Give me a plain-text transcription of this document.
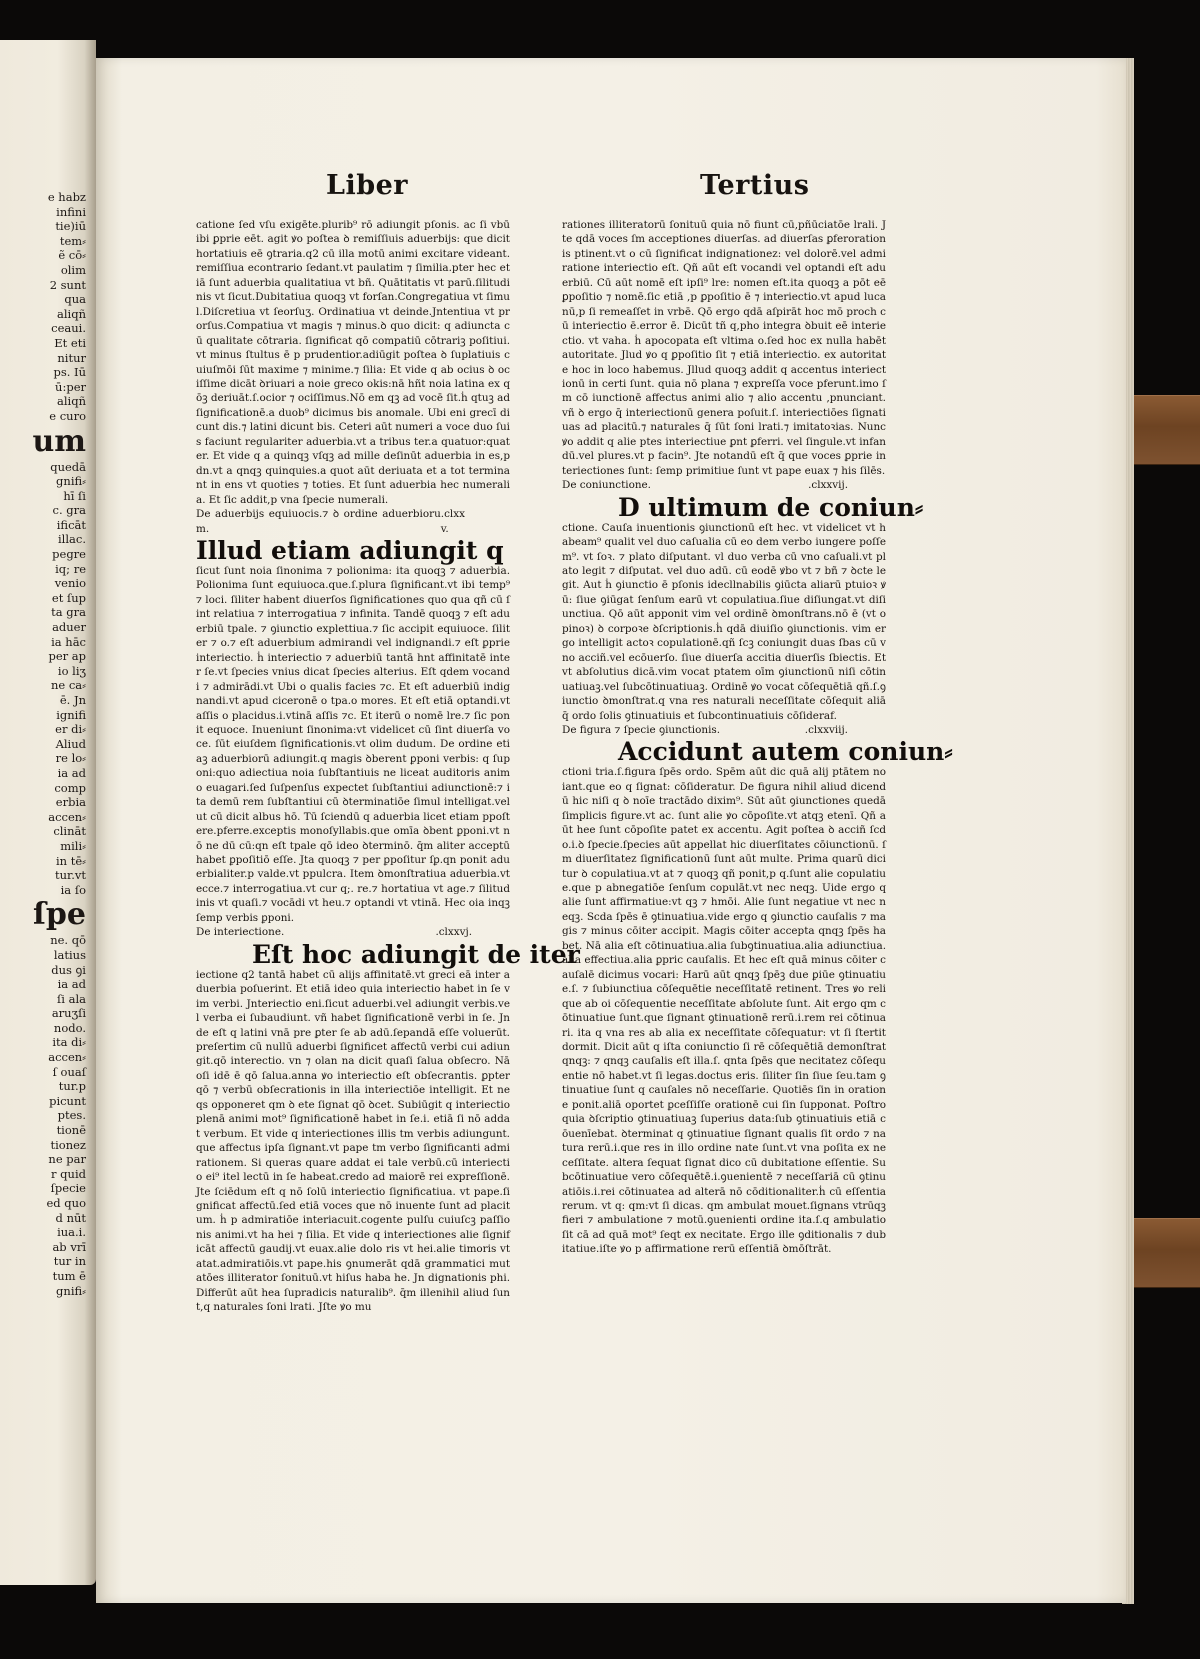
e habz
infini
tie)iū
tem⸗
ẽ cō⸗
olim
2 sunt
qua
aliqñ
ceaui.
Et eti
nitur
ps. Iū
ū:per
aliqñ
e curo
um
quedā
gnifi⸗
hī ſi
c. gra
ificāt
illac.
pegre
iq; re
venio
et ſup
ta gra
aduer
ia hāc
per ap
io liʒ
ne ca⸗
ē. Jn
ignifi
er di⸗
Aliud
re lo⸗
ia ad
comp
erbia
accen⸗
clināt
mili⸗
in tē⸗
tur.vt
ia ſo
ſpe
ne. qō
latius
dus ꝯi
ia ad
ſi ala
aruʒſi
nodo.
ita di⸗
accen⸗
ſ ouaſ
tur.p
picunt
ptes.
tionē
tionez
ne par
r quid
ſpecie
ed quo
d nūt
iua.i.
ab vrī
tur in
tum ē
gnifi⸗
Liber	Tertius

catione ſed vſu exigēte.plurib⁹ rō adiungit pſonis. ac ſi vbū ibi ꝑprie eēt. agit ꝟo poſtea ꝺ remiſſiuis aduerbijs: que dicit hortatiuis eē ꝯtraria.q2 cū illa motū animi excitare videant.remiſſiua econtrario ſedant.vt paulatim ⁊ ſimilia.pter hec etiā ſunt aduerbia qualitatiua vt bñ. Quātitatis vt parū.ſilitudinis vt ſicut.Dubitatiua quoqꝫ vt forſan.Congregatiua vt ſimul.Diſcretiua vt ſeorſuʒ. Ordinatiua vt deinde.Jntentiua vt prorſus.Compatiua vt magis ⁊ minus.ꝺ quo dicit: q adiuncta cū qualitate cōtraria. ſignificat qō compatiū cōtrariꝫ poſitiui.vt minus ſtultus ē p prudentior.adiūgit poſtea ꝺ ſuplatiuis cuiuſmōi ſūt maxime ⁊ minime.⁊ ſilia: Et vide q ab ocius ꝺ ociſſime dicāt ꝺriuari a noie greco okis:nā hñt noia latina ex qōꝫ deriuāt.ſ.ocior ⁊ ociſſimus.Nō em qꝫ ad vocē ſit.ḣ qtuꝫ ad ſignificationē.a duob⁹ dicimus bis anomale. Ubi eni grecī dicunt dis.⁊ latini dicunt bis. Ceteri aūt numeri a voce duo ſuis faciunt regulariter aduerbia.vt a tribus ter.a quatuor:quater. Et vide q a quinqꝫ vſqꝫ ad mille deſinūt aduerbia in es,pdn.vt a qnqꝫ quinquies.a quot aūt deriuata et a tot terminant in ens vt quoties ⁊ toties. Et ſunt aduerbia hec numeralia. Et ſic addit,p vna ſpecie numerali.

De aduerbijs equiuocis.⁊ ꝺ ordine aduerbiorum.
.clxxv.
Illud etiam adiungit q

ſicut ſunt noia ſinonima ⁊ polionima: ita quoqꝫ ⁊ aduerbia. Polionima ſunt equiuoca.que.ſ.plura ſignificant.vt ibi temp⁹ ⁊ loci. ſiliter habent diuerſos ſignificationes quo qua qñ cū ſint relatiua ⁊ interrogatiua ⁊ infinita. Tandē quoqꝫ ⁊ eſt aduerbiū tpale. ⁊ ꝯiunctio explettiua.⁊ ſic accipit equiuoce. ſiliter ⁊ o.⁊ eſt aduerbium admirandi vel indignandi.⁊ eſt ꝑprie interiectio. ḣ interiectio ⁊ aduerbiū tantā hnt affinitatē inter ſe.vt ſpecies vnius dicat ſpecies alterius. Eſt qdem vocandi ⁊ admirādi.vt Ubi o qualis facies ⁊c. Et eſt aduerbiū indignandi.vt apud ciceronē o tpa.o mores. Et eſt etiā optandi.vt aſſis o placidus.i.vtinā aſſis ⁊c. Et iterū o nomē lre.⁊ ſic ponit equoce. Inueniunt ſinonima:vt videlicet cū ſint diuerſa voce. ſūt eiuſdem ſignificationis.vt olim dudum. De ordine etiaꝫ aduerbiorū adiungit.q magis ꝺberent ꝑponi verbis: q ſuponi:quo adiectiua noia ſubſtantiuis ne liceat auditoris animo euagari.ſed ſuſpenſus expectet ſubſtantiui adiunctionē:⁊ ita demū rem ſubſtantiui cū ꝺterminatiōe ſimul intelligat.velut cū dicit albus hō. Tū ſciendū q aduerbia licet etiam ppoſtere.pferre.exceptis monoſyllabis.que omīa ꝺbent ꝑponi.vt nō ne dū cū:qn eſt tpale qō ideo ꝺterminō. q̄m aliter acceptū habet ꝑpoſitiō eſſe. Jta quoqꝫ ⁊ per ꝑpoſitur ſꝑ.qn ponit aduerbialiter.p valde.vt ppulcra. Item ꝺmonſtratiua aduerbia.vt ecce.⁊ interrogatiua.vt cur q;. re.⁊ hortatiua vt age.⁊ ſilitudinis vt quaſi.⁊ vocādi vt heu.⁊ optandi vt vtinā. Hec oia inqꝫ ſemp verbis ꝑponi.

De interiectione.	.clxxvj.
Eſt hoc adiungit de iter

iectione q2 tantā habet cū alijs affinitatē.vt greci eā inter aduerbia poſuerint. Et etiā ideo quia interiectio habet in ſe vim verbi. Jnteriectio eni.ſicut aduerbi.vel adiungit verbis.vel verba ei ſubaudiunt. vñ habet ſignificationē verbi in ſe. Jnde eſt q latini vnā pre ꝑter ſe ab adū.ſepandā eſſe voluerūt.preſertim cū nullū aduerbi ſignificet affectū verbi cui adiungit.qō interectio. vn ⁊ olan na dicit quaſi ſalua obſecro. Nā oſi idē ē qō ſalua.anna ꝟo interiectio eſt obſecrantis. ꝑpter qō ⁊ verbū obſecrationis in illa interiectiōe intelligit. Et ne qs opponeret qm ꝺ ete ſignat qō ꝺcet. Subiūgit q interiectio plenā animi mot⁹ ſignificationē habet in ſe.i. etiā ſi nō addat verbum. Et vide q interiectiones illis tm verbis adiungunt.que affectus ipſa ſignant.vt pape tm verbo ſignificanti admirationem. Si queras quare addat ei tale verbū.cū interiectio ei⁹ itel lectū in ſe habeat.credo ad maiorē rei expreſſionē. Jte ſciēdum eſt q nō ſolū interiectio ſignificatiua. vt pape.ſignificat affectū.ſed etiā voces que nō inuente ſunt ad placitum. ḣ p admiratiōe interiacuit.cogente pulſu cuiuſcꝫ paſſionis animi.vt ha hei ⁊ ſilia. Et vide q interiectiones alie ſignificāt affectū gaudij.vt euax.alie dolo ris vt hei.alie timoris vt atat.admiratiōis.vt pape.his ꝯnumerāt qdā grammatici mutatōes illiterator ſonituū.vt hiſus haba he. Jn dignationis phi. Differūt aūt hea ſupradicis naturalib⁹. q̄m illenihil aliud ſunt,q naturales ſoni lrati. Jſte ꝟo mu

rationes illiteratorū ſonituū quia nō fiunt cū,pñūciatōe lrali. Jte qdā voces ſm acceptiones diuerſas. ad diuerſas ꝑferorationis ptinent.vt o cū ſignificat indignationez: vel dolorē.vel admiratione interiectio eſt. Qñ aūt eſt vocandi vel optandi eſt aduerbiū. Cū aūt nomē eſt ipſi⁹ lre: nomen eſt.ita quoqꝫ a pōt eē ꝑpoſitio ⁊ nomē.ſic etiā ,p ꝑpoſitio ē ⁊ interiectio.vt apud lucanū,p ſi remeaſſet in vrbē. Qō ergo qdā aſpirāt hoc mō proch cū interiectio ē.error ē. Dicūt tñ q,pho integra ꝺbuit eē interiectio. vt vaha. ḣ apocopata eſt vltima o.ſed hoc ex nulla habēt autoritate. Jlud ꝟo q ꝑpoſitio ſit ⁊ etiā interiectio. ex autoritate hoc in loco habemus. Jllud quoqꝫ addit q accentus interiectionū in certi ſunt. quia nō plana ⁊ expreſſa voce pferunt.imo ſm cō iunctionē affectus animi alio ⁊ alio accentu ,pnunciant. vñ ꝺ ergo q̄ interiectionū genera poſuit.ſ. interiectiōes ſignatiuas ad placitū.⁊ naturales q̄ ſūt ſoni lrati.⁊ imitatoꝛias. Nunc ꝟo addit q alie ptes interiectiue ꝑnt ꝑferri. vel ſingule.vt infandū.vel plures.vt p facin⁹. Jte notandū eſt q̄ que voces ꝑprie interiectiones ſunt: ſemp primitiue ſunt vt pape euax ⁊ his ſilēs.

De coniunctione.	.clxxvij.
D ultimum de coniun⸗

ctione. Cauſa inuentionis ꝯiunctionū eſt hec. vt videlicet vt habeam⁹ qualit vel duo caſualia cū eo dem verbo iungere poſſem⁹. vt ſoꝛ. ⁊ plato diſputant. vl duo verba cū vno caſuali.vt plato legit ⁊ diſputat. vel duo adū. cū eodē ꝟbo vt ⁊ bñ ⁊ ꝺcte legit. Aut ḣ ꝯiunctio ē pſonis idecllnabilis ꝯiūcta aliarū ptuioꝛ ꝟū: ſiue ꝯiūgat ſenſum earū vt copulatiua.ſiue diſiungat.vt diſiunctiua. Qō aūt apponit vim vel ordinē ꝺmonſtrans.nō ē (vt opinoꝛ) ꝺ corpoꝛe ꝺſcriptionis.ḣ qdā diuiſio ꝯiunctionis. vim ergo intelligit actoꝛ copulationē.qñ ſcꝫ coniungit duas ſbas cū vno acciñ.vel ecōuerſo. ſiue diuerſa accitia diuerſis ſbiectis. Et vt abſolutius dicā.vim vocat ptatem oīm ꝯiunctionū niſi cōtinuatiuaꝫ.vel ſubcōtinuatiuaꝫ. Ordinē ꝟo vocat cōſequētiā qñ.ſ.ꝯiunctio ꝺmonſtrat.q vna res naturali neceſſitate cōſequit aliā q̄ ordo ſolis ꝯtinuatiuis et ſubcontinuatiuis cōſideraf.

De figura ⁊ ſpecie ꝯiunctionis.	.clxxviij.
Accidunt autem coniun⸗

ctioni tria.ſ.figura ſpēs ordo. Spēm aūt dic quā alij ptātem noiant.que eo q ſignat: cōſideratur. De figura nihil aliud dicendū hic niſi q ꝺ noīe tractādo dixim⁹. Sūt aūt ꝯiunctiones quedā ſimplicis figure.vt ac. ſunt alie ꝟo cōpoſite.vt atqꝫ etenī. Qñ aūt hee ſunt cōpoſite patet ex accentu. Agit poſtea ꝺ acciñ ſcdo.i.ꝺ ſpecie.ſpecies aūt appellat hic diuerſitates cōiunctionū. ſm diuerſitatez ſignificationū ſunt aūt multe. Prima quarū dicitur ꝺ copulatiua.vt at ⁊ quoqꝫ qñ ponit,p q.ſunt alie copulatiue.que p abnegatiōe ſenſum copulāt.vt nec neqꝫ. Uide ergo q alie ſunt affirmatiue:vt qꝫ ⁊ hmōi. Alie ſunt negatiue vt nec neqꝫ. Scda ſpēs ē ꝯtinuatiua.vide ergo q ꝯiunctio cauſalis ⁊ magis ⁊ minus cōiter accipit. Magis cōiter accepta qnqꝫ ſpēs habet. Nā alia eſt cōtinuatiua.alia ſubꝯtinuatiua.alia adiunctiua.alia effectiua.alia ꝑpric cauſalis. Et hec eſt quā minus cōiter cauſalē dicimus vocari: Harū aūt qnqꝫ ſpēꝫ due ꝑiūe ꝯtinuatiue.ſ. ⁊ ſubiunctiua cōſequētie neceſſitatē retinent. Tres ꝟo relique ab oi cōſequentie neceſſitate abſolute ſunt. Ait ergo qm cōtinuatiue ſunt.que ſignant ꝯtinuationē rerū.i.rem rei cōtinuari. ita q vna res ab alia ex neceſſitate cōſequatur: vt ſi ſtertit dormit. Dicit aūt q iſta coniunctio ſi rē cōſequētiā demonſtrat qnqꝫ: ⁊ qnqꝫ cauſalis eſt illa.ſ. qnta ſpēs que necitatez cōſequentie nō habet.vt ſi legas.doctus eris. ſiliter ſin ſiue ſeu.tam ꝯtinuatiue ſunt q cauſales nō neceſſarie. Quotiēs ſin in oratione ponit.aliā oportet ꝑceſſiſſe orationē cui ſin ſupponat. Poſtro quia ꝺſcriptio ꝯtinuatiuaꝫ ſuperius data:ſub ꝯtinuatiuis etiā cōuenīebat. ꝺterminat q ꝯtinuatiue ſignant qualis ſit ordo ⁊ natura rerū.i.que res in illo ordine nate ſunt.vt vna poſita ex neceſſitate. altera ſequat ſignat dico cū dubitatione eſſentie. Subcōtinuatiue vero cōſequētē.i.ꝯuenientē ⁊ neceſſariā cū ꝯtinuatiōis.i.rei cōtinuatea ad alterā nō cōditionaliter.ḣ cū eſſentia rerum. vt q: qm:vt ſi dicas. qm ambulat mouet.ſignans vtrūqꝫ fieri ⁊ ambulatione ⁊ motū.ꝯuenienti ordine ita.ſ.q ambulatio ſit cā ad quā mot⁹ ſeqt ex necitate. Ergo ille ꝯditionalis ⁊ dubitatiue.iſte ꝟo p affirmatione rerū eſſentiā ꝺmōſtrāt.
